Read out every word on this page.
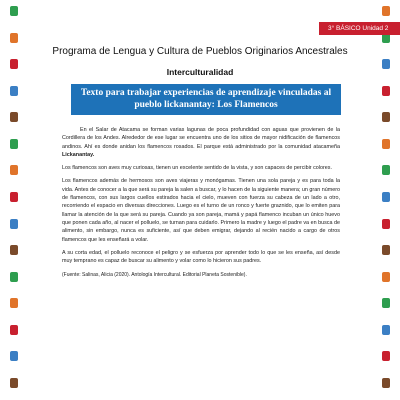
3° BÁSICO Unidad 2
Programa de Lengua y Cultura de Pueblos Originarios Ancestrales
Interculturalidad
Texto para trabajar experiencias de aprendizaje vinculadas al
pueblo lickanantay: Los Flamencos

En el Salar de Atacama se forman varias lagunas de poca profundidad con aguas que provienen de la Cordillera de los Andes. Alrededor de ese lugar se encuentra uno de los sitios de mayor nidificación de flamencos andinos. Ahí es donde anidan los flamencos rosados. El parque está administrado por la comunidad atacameña Lickanantay.

Los flamencos son aves muy curiosas, tienen un excelente sentido de la vista, y son capaces de percibir colores.

Los flamencos además de hermosos son aves viajeras y monógamas. Tienen una sola pareja y es para toda la vida. Antes de conocer a la que será su pareja la salen a buscar, y lo hacen de la siguiente manera; un gran número de flamencos, con sus largos cuellos estirados hacia el cielo, mueven con fuerza su cabeza de un lado a otro, recorriendo el espacio en diversas direcciones. Luego es el turno de un ronco y fuerte graznido, que lo emiten para llamar la atención de la que será su pareja. Cuando ya son pareja, mamá y papá flamenco incuban un único huevo que ponen cada año, al nacer el polluelo, se turnan para cuidarlo. Primero la madre y luego el padre va en busca de alimento, sin embargo, nunca es suficiente, así que deben emigrar, dejando al recién nacido a cargo de otros flamencos que les enseñará a volar.

A su corta edad, el polluelo reconoce el peligro y se esfuerza por aprender todo lo que se les enseña, así desde muy temprano es capaz de buscar su alimento y volar como lo hicieron sus padres.

(Fuente: Salinas, Alicia (2020). Antología Intercultural. Editorial Planeta Sostenible).
